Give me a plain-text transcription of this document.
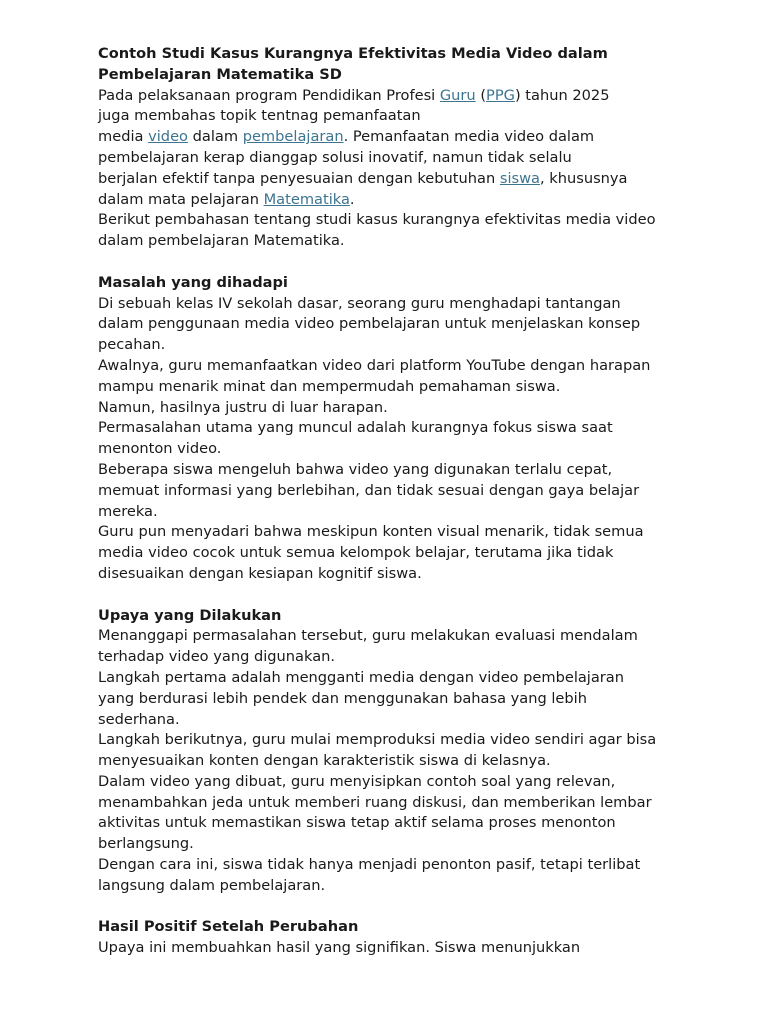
Contoh Studi Kasus Kurangnya Efektivitas Media Video dalam
Pembelajaran Matematika SD

Pada pelaksanaan program Pendidikan Profesi Guru (PPG) tahun 2025
juga membahas topik tentnag pemanfaatan
media video dalam pembelajaran. Pemanfaatan media video dalam
pembelajaran kerap dianggap solusi inovatif, namun tidak selalu
berjalan efektif tanpa penyesuaian dengan kebutuhan siswa, khususnya
dalam mata pelajaran Matematika.

Berikut pembahasan tentang studi kasus kurangnya efektivitas media video dalam pembelajaran Matematika.

Masalah yang dihadapi

Di sebuah kelas IV sekolah dasar, seorang guru menghadapi tantangan dalam penggunaan media video pembelajaran untuk menjelaskan konsep pecahan.

Awalnya, guru memanfaatkan video dari platform YouTube dengan harapan mampu menarik minat dan mempermudah pemahaman siswa.

Namun, hasilnya justru di luar harapan.

Permasalahan utama yang muncul adalah kurangnya fokus siswa saat menonton video.

Beberapa siswa mengeluh bahwa video yang digunakan terlalu cepat, memuat informasi yang berlebihan, dan tidak sesuai dengan gaya belajar mereka.

Guru pun menyadari bahwa meskipun konten visual menarik, tidak semua media video cocok untuk semua kelompok belajar, terutama jika tidak disesuaikan dengan kesiapan kognitif siswa.

Upaya yang Dilakukan

Menanggapi permasalahan tersebut, guru melakukan evaluasi mendalam terhadap video yang digunakan.

Langkah pertama adalah mengganti media dengan video pembelajaran yang berdurasi lebih pendek dan menggunakan bahasa yang lebih sederhana.

Langkah berikutnya, guru mulai memproduksi media video sendiri agar bisa menyesuaikan konten dengan karakteristik siswa di kelasnya.

Dalam video yang dibuat, guru menyisipkan contoh soal yang relevan, menambahkan jeda untuk memberi ruang diskusi, dan memberikan lembar aktivitas untuk memastikan siswa tetap aktif selama proses menonton berlangsung.

Dengan cara ini, siswa tidak hanya menjadi penonton pasif, tetapi terlibat langsung dalam pembelajaran.

Hasil Positif Setelah Perubahan

Upaya ini membuahkan hasil yang signifikan. Siswa menunjukkan
